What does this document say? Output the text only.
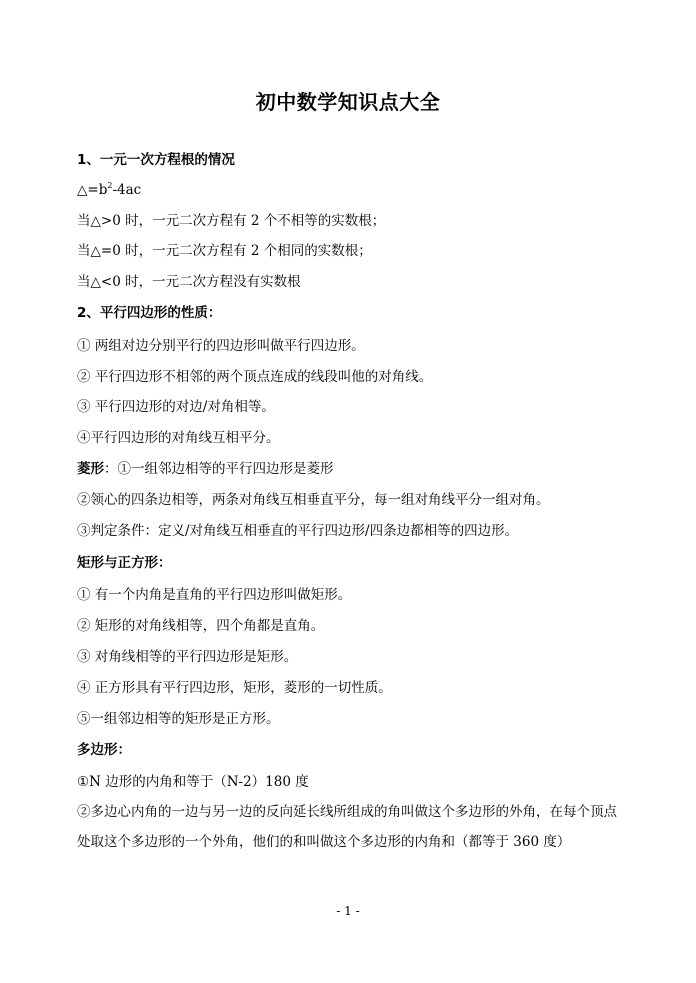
初中数学知识点大全
1、一元一次方程根的情况
$\triangle=b^2-4ac$
当△>0 时，一元二次方程有 2 个不相等的实数根；
当△=0 时，一元二次方程有 2 个相同的实数根；
当△<0 时，一元二次方程没有实数根
2、平行四边形的性质：
① 两组对边分别平行的四边形叫做平行四边形。
② 平行四边形不相邻的两个顶点连成的线段叫他的对角线。
③ 平行四边形的对边/对角相等。
④平行四边形的对角线互相平分。
菱形：①一组邻边相等的平行四边形是菱形
②领心的四条边相等，两条对角线互相垂直平分，每一组对角线平分一组对角。
③判定条件：定义/对角线互相垂直的平行四边形/四条边都相等的四边形。
矩形与正方形：
① 有一个内角是直角的平行四边形叫做矩形。
② 矩形的对角线相等，四个角都是直角。
③ 对角线相等的平行四边形是矩形。
④ 正方形具有平行四边形，矩形，菱形的一切性质。
⑤一组邻边相等的矩形是正方形。
多边形：
①N 边形的内角和等于（N-2）180 度
②多边心内角的一边与另一边的反向延长线所组成的角叫做这个多边形的外角，在每个顶点处取这个多边形的一个外角，他们的和叫做这个多边形的内角和（都等于 360 度）
- 1 -
